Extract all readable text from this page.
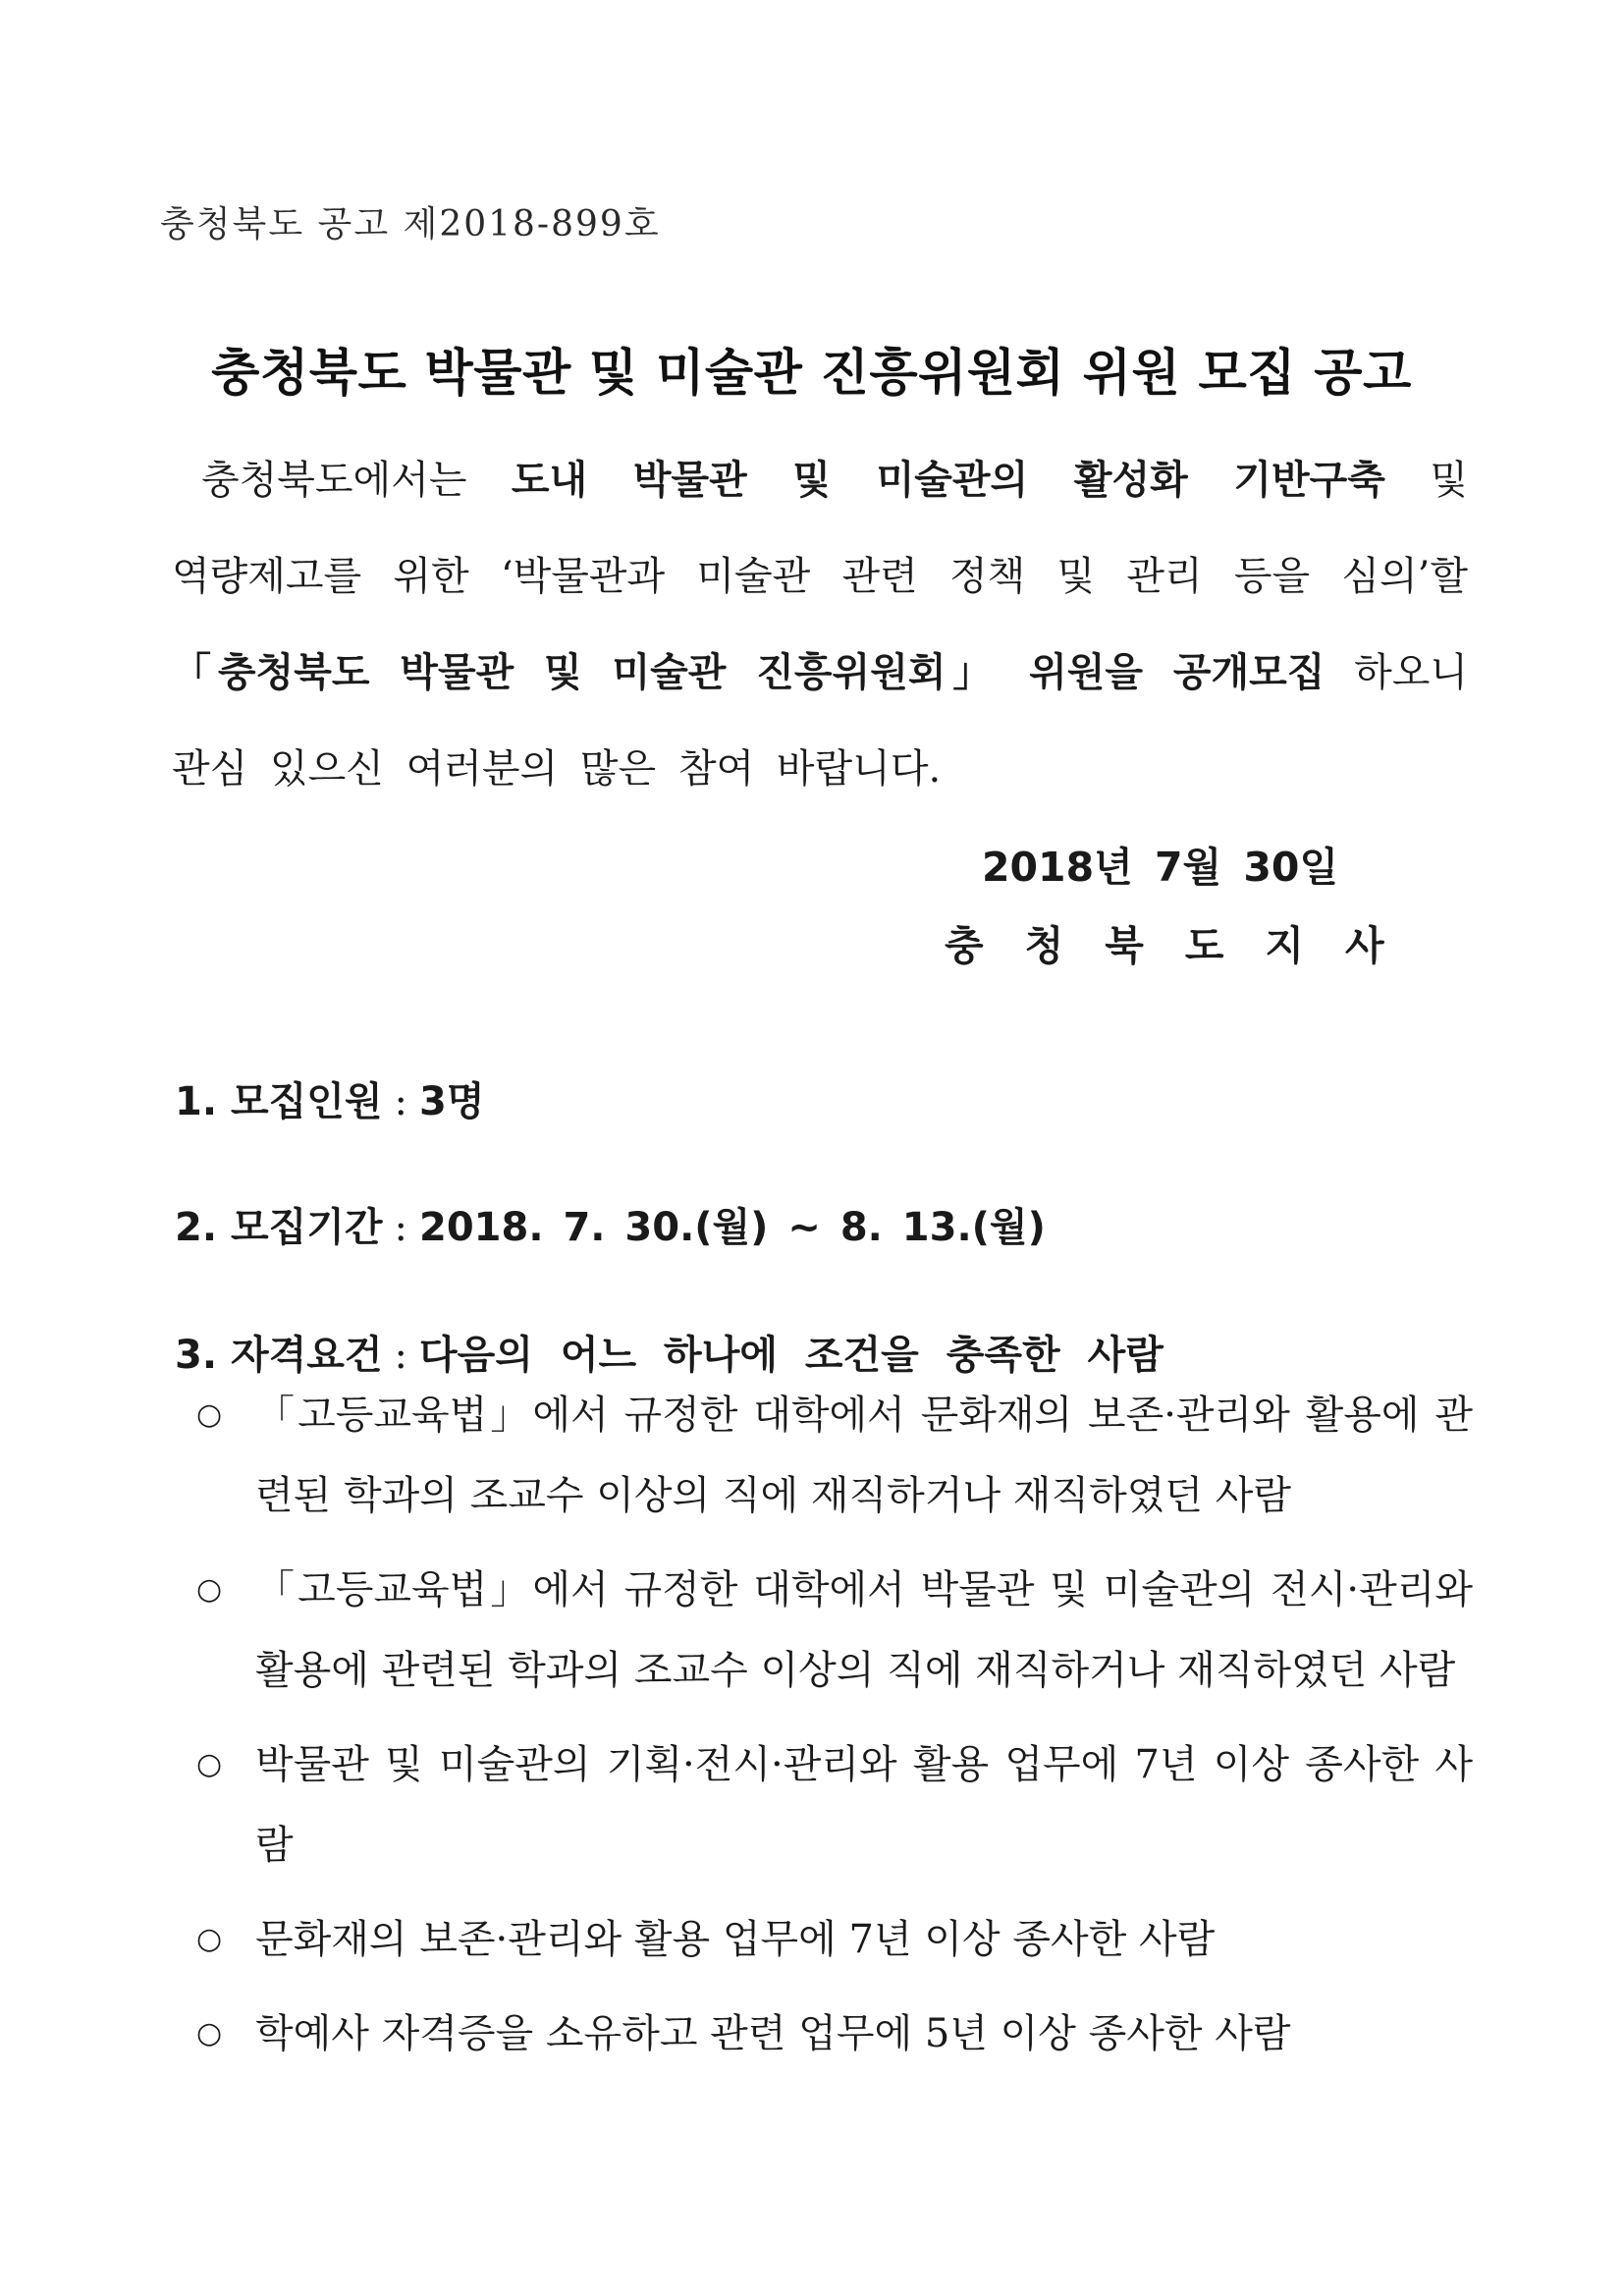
충청북도 공고 제2018-899호
충청북도 박물관 및 미술관 진흥위원회 위원 모집 공고
충청북도에서는 도내 박물관 및 미술관의 활성화 기반구축 및
역량제고를 위한 ‘박물관과 미술관 관련 정책 및 관리 등을 심의’할
「충청북도 박물관 및 미술관 진흥위원회」 위원을 공개모집 하오니
관심 있으신 여러분의 많은 참여 바랍니다.
2018년 7월 30일
충청북도지사
1. 모집인원 : 3명
2. 모집기간 : 2018. 7. 30.(월) ~ 8. 13.(월)
3. 자격요건 : 다음의 어느 하나에 조건을 충족한 사람
○ 「고등교육법」에서 규정한 대학에서 문화재의 보존·관리와 활용에 관련된 학과의 조교수 이상의 직에 재직하거나 재직하였던 사람
○ 「고등교육법」에서 규정한 대학에서 박물관 및 미술관의 전시·관리와 활용에 관련된 학과의 조교수 이상의 직에 재직하거나 재직하였던 사람
○ 박물관 및 미술관의 기획·전시·관리와 활용 업무에 7년 이상 종사한 사람
○ 문화재의 보존·관리와 활용 업무에 7년 이상 종사한 사람
○ 학예사 자격증을 소유하고 관련 업무에 5년 이상 종사한 사람
